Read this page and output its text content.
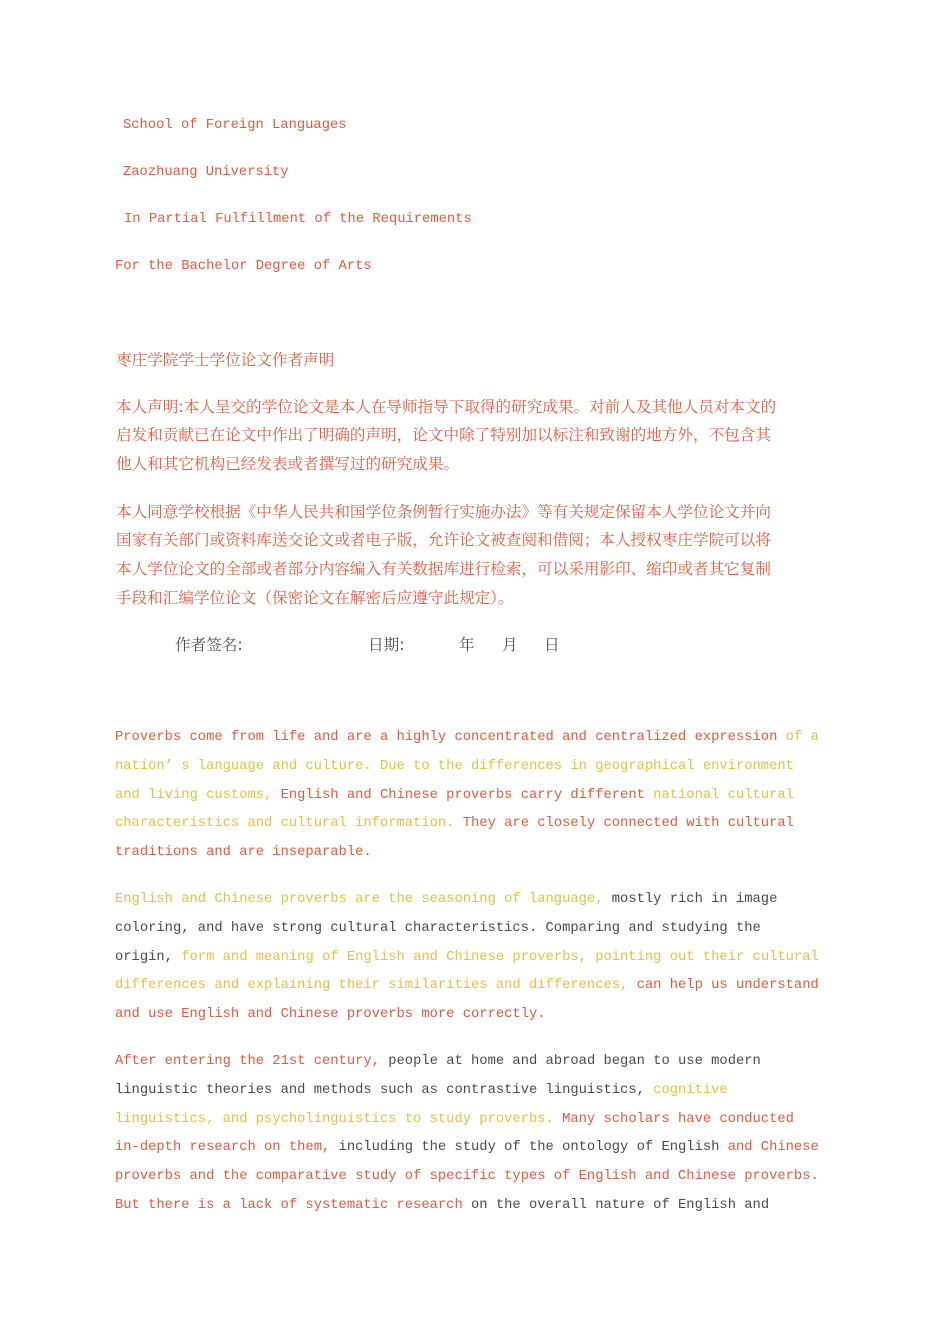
School of Foreign Languages
Zaozhuang University
In Partial Fulfillment of the Requirements
For the Bachelor Degree of Arts
枣庄学院学士学位论文作者声明
本人声明:本人呈交的学位论文是本人在导师指导下取得的研究成果。对前人及其他人员对本文的
启发和贡献已在论文中作出了明确的声明，论文中除了特别加以标注和致谢的地方外，不包含其
他人和其它机构已经发表或者撰写过的研究成果。
本人同意学校根据《中华人民共和国学位条例暂行实施办法》等有关规定保留本人学位论文并向
国家有关部门或资料库送交论文或者电子版，允许论文被查阅和借阅；本人授权枣庄学院可以将
本人学位论文的全部或者部分内容编入有关数据库进行检索，可以采用影印、缩印或者其它复制
手段和汇编学位论文（保密论文在解密后应遵守此规定）。
作者签名:	日期:	年 月 日
Proverbs come from life and are a highly concentrated and centralized expression of a
nation’ s language and culture. Due to the differences in geographical environment
and living customs, English and Chinese proverbs carry different national cultural
characteristics and cultural information. They are closely connected with cultural
traditions and are inseparable.
English and Chinese proverbs are the seasoning of language, mostly rich in image
coloring, and have strong cultural characteristics. Comparing and studying the
origin, form and meaning of English and Chinese proverbs, pointing out their cultural
differences and explaining their similarities and differences, can help us understand
and use English and Chinese proverbs more correctly.
After entering the 21st century, people at home and abroad began to use modern
linguistic theories and methods such as contrastive linguistics, cognitive
linguistics, and psycholinguistics to study proverbs. Many scholars have conducted
in-depth research on them, including the study of the ontology of English and Chinese
proverbs and the comparative study of specific types of English and Chinese proverbs.
But there is a lack of systematic research on the overall nature of English and
